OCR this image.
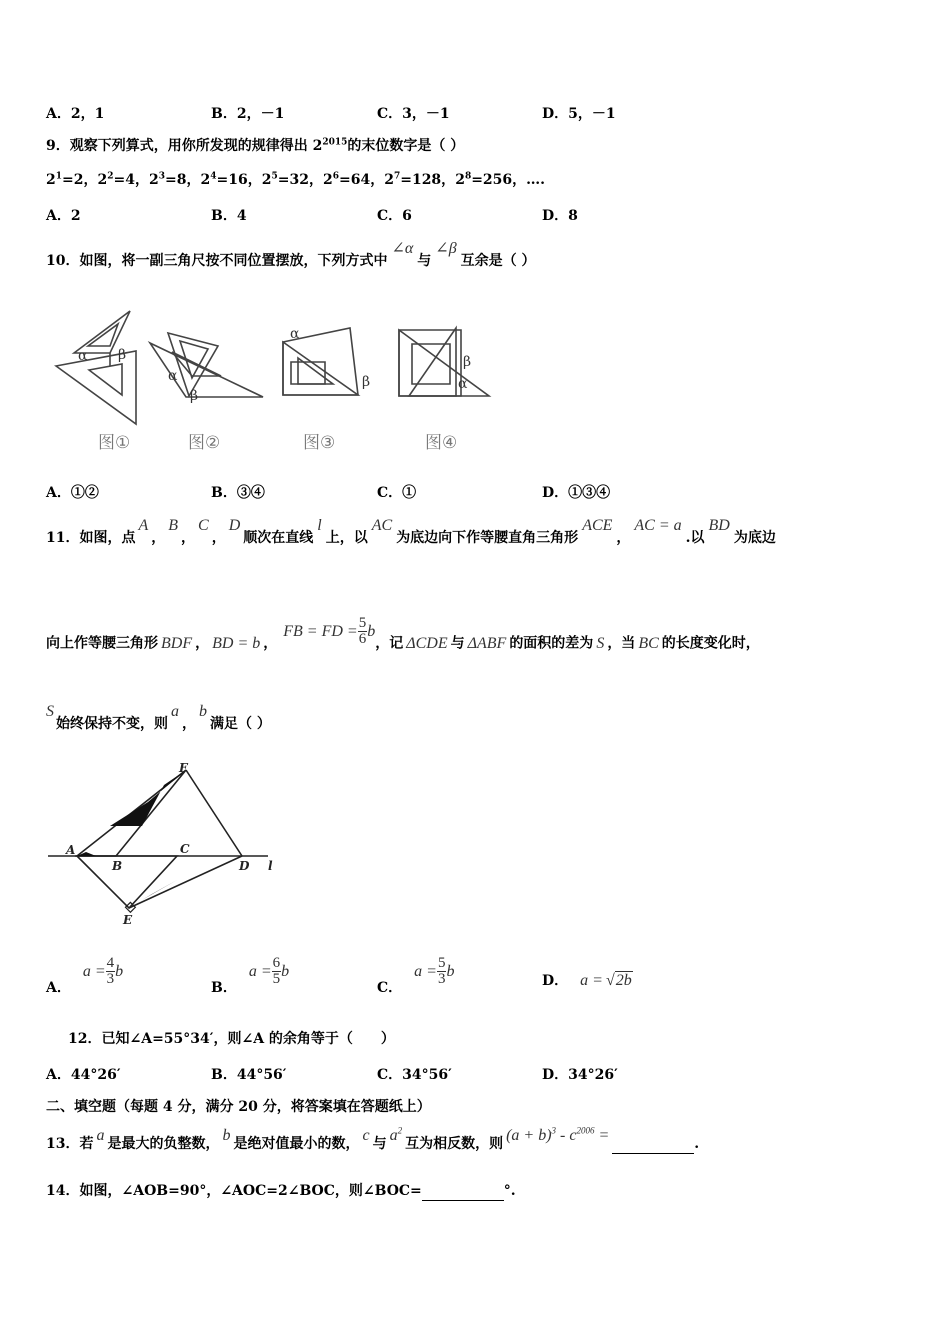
A．2，1	B．2，－1	C．3，－1	D．5，－1
9．观察下列算式，用你所发现的规律得出 $2^{2015}$的末位数字是（ ）
$2^1=2$，$2^2=4$，$2^3=8$，$2^4=16$，$2^5=32$，$2^6=64$，$2^7=128$，$2^8=256$，….
A．2	B．4	C．6	D．8
10．如图，将一副三角尺按不同位置摆放，下列方式中∠α与∠β互余是（ ）
α β
α
β
α
β	α
β
图①	图②	图③	图④
A．①②	B．③④	C．①	D．①③④
11．如图，点A，B，C，D顺次在直线l上，以AC为底边向下作等腰直角三角形ACE，AC = a.以BD为底边
向上作等腰三角形 BDF ， BD = b ，FB = FD = $\frac{5}{6}$ b，记 ΔCDE 与 ΔABF 的面积的差为 S ，当 BC 的长度变化时，
S始终保持不变，则a，b满足（ ）
A
B
C
D
E
F
l
A．$a = \frac{4}{3}$ b
B．$a = \frac{6}{5}$ b
C．$a = \frac{5}{3}$ b
D． a = √2b
12．已知∠A=55°34′，则∠A 的余角等于（　　）
A．44°26′	B．44°56′	C．34°56′	D．34°26′
二、填空题（每题 4 分，满分 20 分，将答案填在答题纸上）
13．若 a 是最大的负整数， b 是绝对值最小的数， c 与 $a^2$互为相反数，则 $(a + b)^3 - c^{2006}$ =	.
14．如图，∠AOB=90°，∠AOC=2∠BOC，则∠BOC=	°.
